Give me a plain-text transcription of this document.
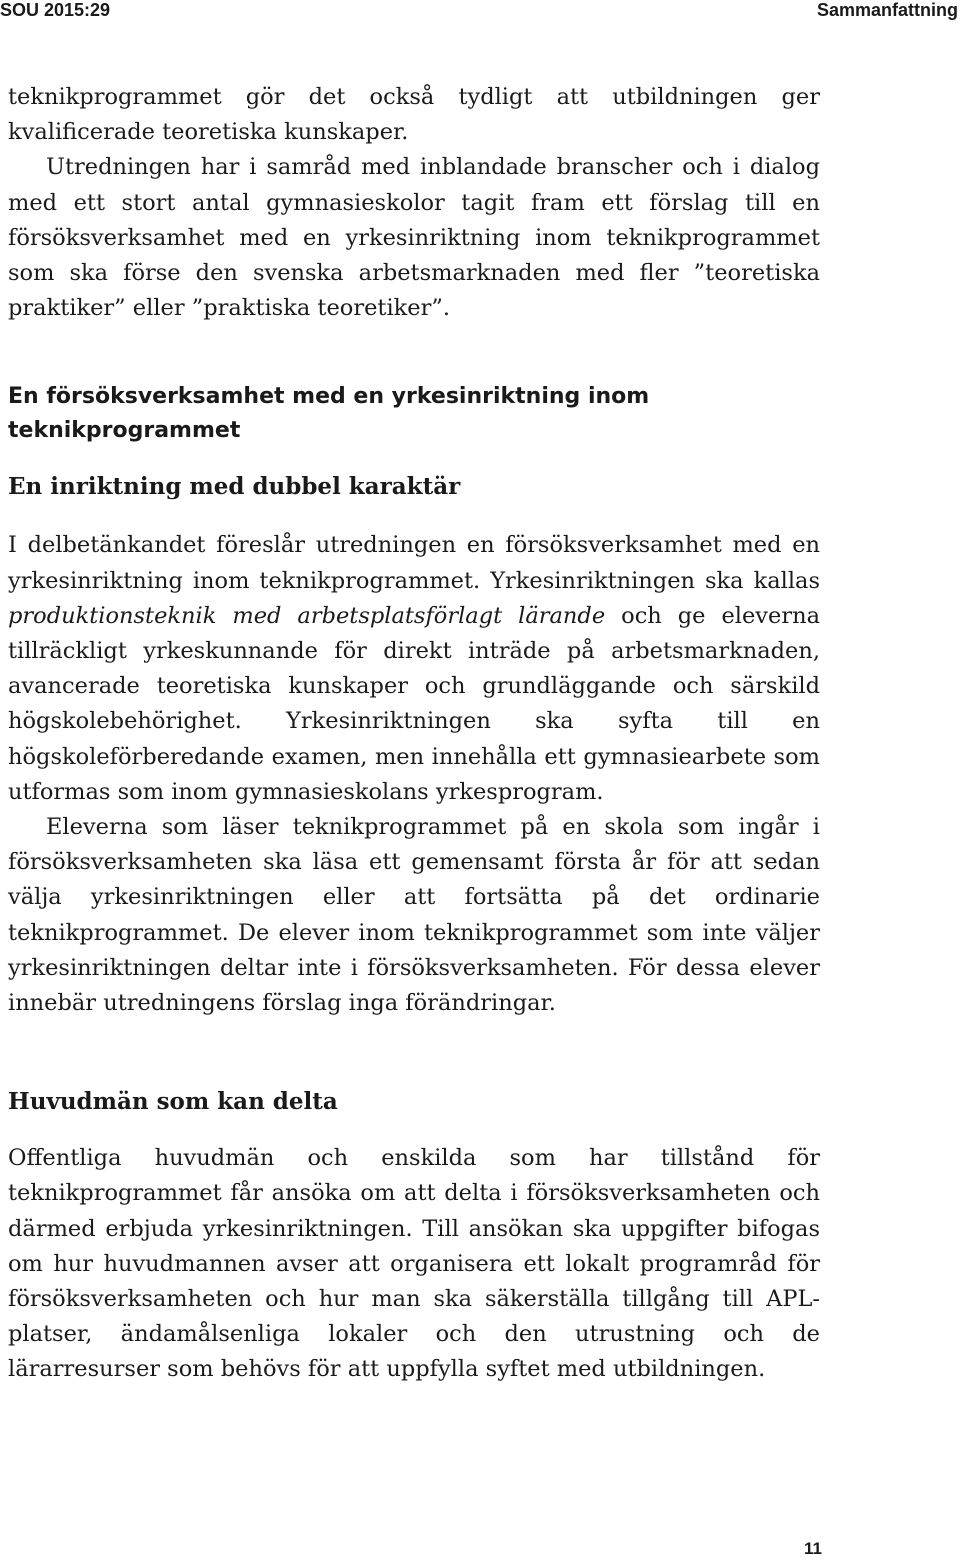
SOU 2015:29	Sammanfattning

teknikprogrammet gör det också tydligt att utbildningen ger kvalificerade teoretiska kunskaper.

Utredningen har i samråd med inblandade branscher och i dialog med ett stort antal gymnasieskolor tagit fram ett förslag till en försöksverksamhet med en yrkesinriktning inom teknikprogrammet som ska förse den svenska arbetsmarknaden med fler ”teoretiska praktiker” eller ”praktiska teoretiker”.

En försöksverksamhet med en yrkesinriktning inom teknikprogrammet
En inriktning med dubbel karaktär

I delbetänkandet föreslår utredningen en försöksverksamhet med en yrkesinriktning inom teknikprogrammet. Yrkesinriktningen ska kallas produktionsteknik med arbetsplatsförlagt lärande och ge eleverna tillräckligt yrkeskunnande för direkt inträde på arbetsmarknaden, avancerade teoretiska kunskaper och grundläggande och särskild högskolebehörighet. Yrkesinriktningen ska syfta till en högskoleförberedande examen, men innehålla ett gymnasiearbete som utformas som inom gymnasieskolans yrkesprogram.

Eleverna som läser teknikprogrammet på en skola som ingår i försöksverksamheten ska läsa ett gemensamt första år för att sedan välja yrkesinriktningen eller att fortsätta på det ordinarie teknikprogrammet. De elever inom teknikprogrammet som inte väljer yrkesinriktningen deltar inte i försöksverksamheten. För dessa elever innebär utredningens förslag inga förändringar.

Huvudmän som kan delta

Offentliga huvudmän och enskilda som har tillstånd för teknikprogrammet får ansöka om att delta i försöksverksamheten och därmed erbjuda yrkesinriktningen. Till ansökan ska uppgifter bifogas om hur huvudmannen avser att organisera ett lokalt programråd för försöksverksamheten och hur man ska säkerställa tillgång till APL-platser, ändamålsenliga lokaler och den utrustning och de lärarresurser som behövs för att uppfylla syftet med utbildningen.

11
